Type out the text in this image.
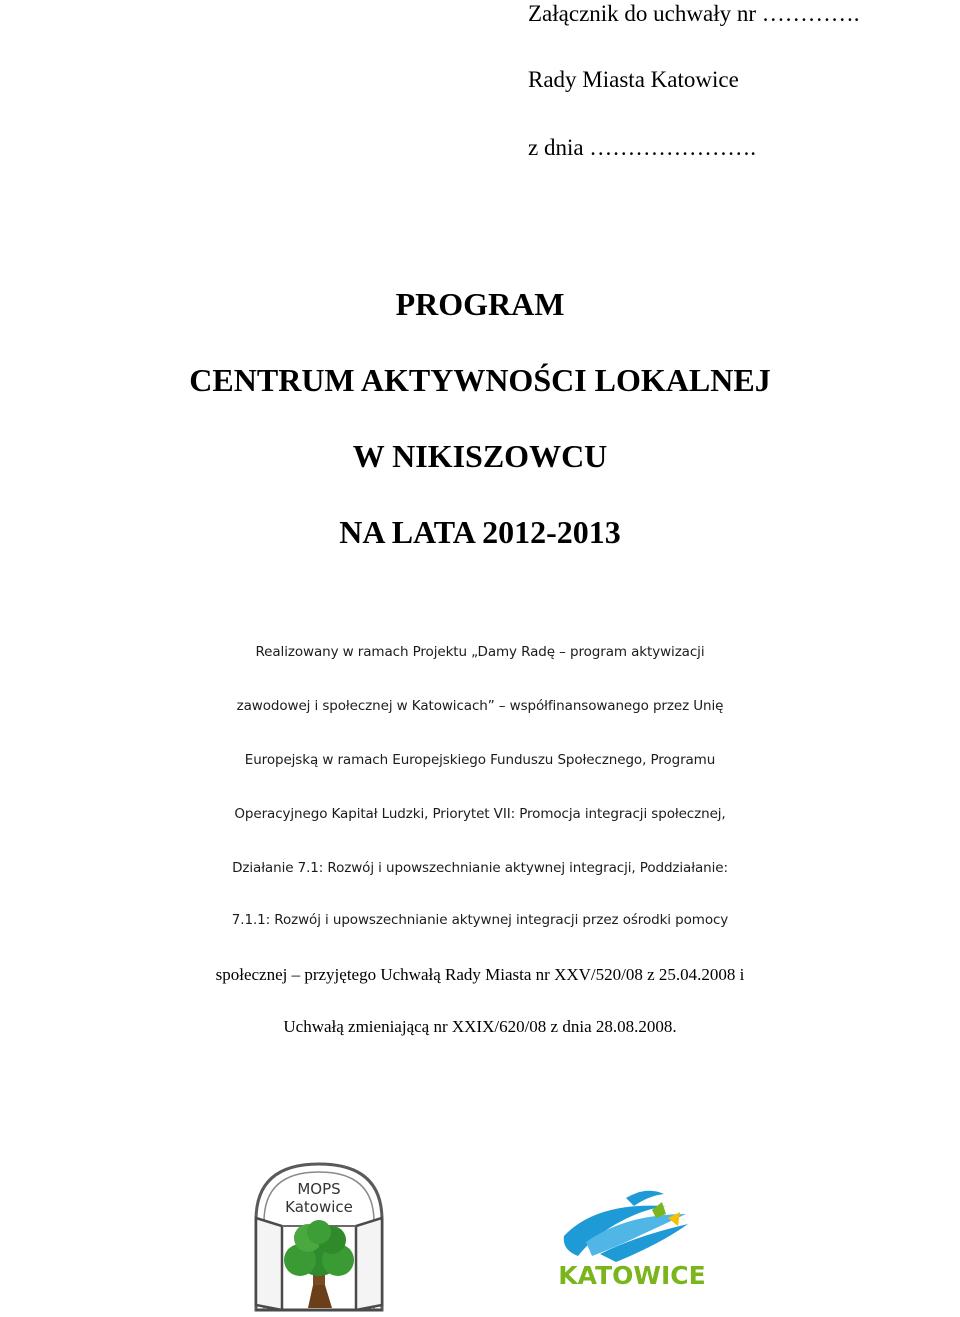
Załącznik do uchwały nr ………….
Rady Miasta Katowice
z dnia ………………….
PROGRAM
CENTRUM AKTYWNOŚCI LOKALNEJ
W NIKISZOWCU
NA LATA 2012-2013
Realizowany w ramach Projektu „Damy Radę – program aktywizacji
zawodowej i społecznej w Katowicach” – współfinansowanego przez Unię
Europejską w ramach Europejskiego Funduszu Społecznego, Programu
Operacyjnego Kapitał Ludzki, Priorytet VII: Promocja integracji społecznej,
Działanie 7.1: Rozwój i upowszechnianie aktywnej integracji, Poddziałanie:
7.1.1: Rozwój i upowszechnianie aktywnej integracji przez ośrodki pomocy
społecznej – przyjętego Uchwałą Rady Miasta nr XXV/520/08 z 25.04.2008 i
Uchwałą zmieniającą nr XXIX/620/08 z dnia 28.08.2008.
MOPS
Katowice
KATOWICE
